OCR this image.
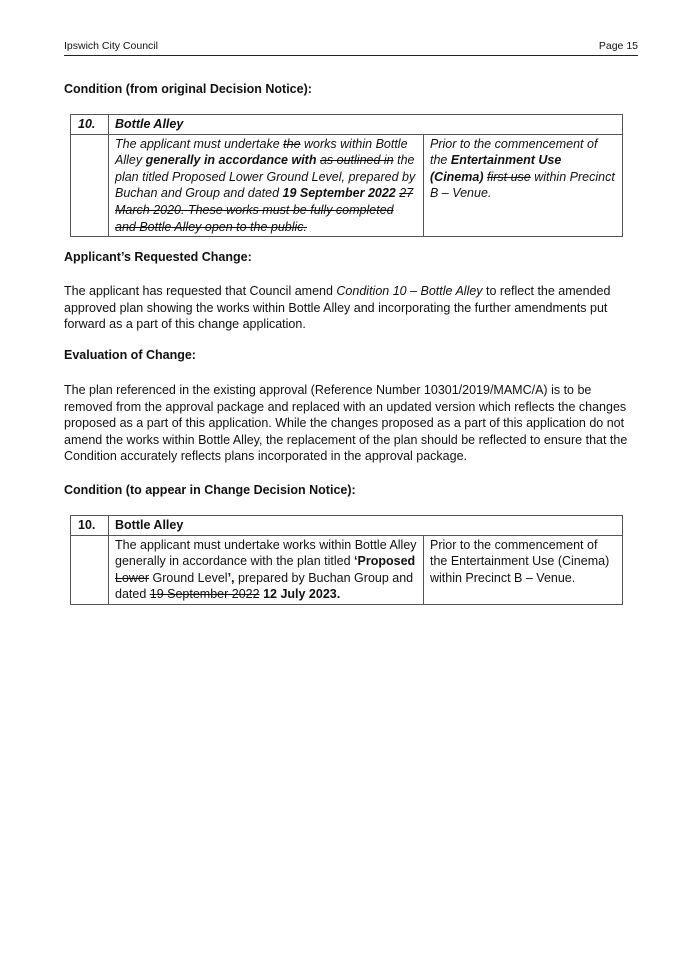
Ipswich City Council	Page 15
Condition (from original Decision Notice):
10.	Bottle Alley	
	The applicant must undertake the works within Bottle Alley generally in accordance with as outlined in the plan titled Proposed Lower Ground Level, prepared by Buchan and Group and dated 19 September 2022 27 March 2020. These works must be fully completed and Bottle Alley open to the public.	Prior to the commencement of the Entertainment Use (Cinema) first use within Precinct B – Venue.
Applicant’s Requested Change:
The applicant has requested that Council amend Condition 10 – Bottle Alley to reflect the amended approved plan showing the works within Bottle Alley and incorporating the further amendments put forward as a part of this change application.
Evaluation of Change:
The plan referenced in the existing approval (Reference Number 10301/2019/MAMC/A) is to be removed from the approval package and replaced with an updated version which reflects the changes proposed as a part of this application. While the changes proposed as a part of this application do not amend the works within Bottle Alley, the replacement of the plan should be reflected to ensure that the Condition accurately reflects plans incorporated in the approval package.
Condition (to appear in Change Decision Notice):
10.	Bottle Alley	
	The applicant must undertake works within Bottle Alley generally in accordance with the plan titled ‘Proposed Lower Ground Level’, prepared by Buchan Group and dated 19 September 2022 12 July 2023.	Prior to the commencement of the Entertainment Use (Cinema) within Precinct B – Venue.
